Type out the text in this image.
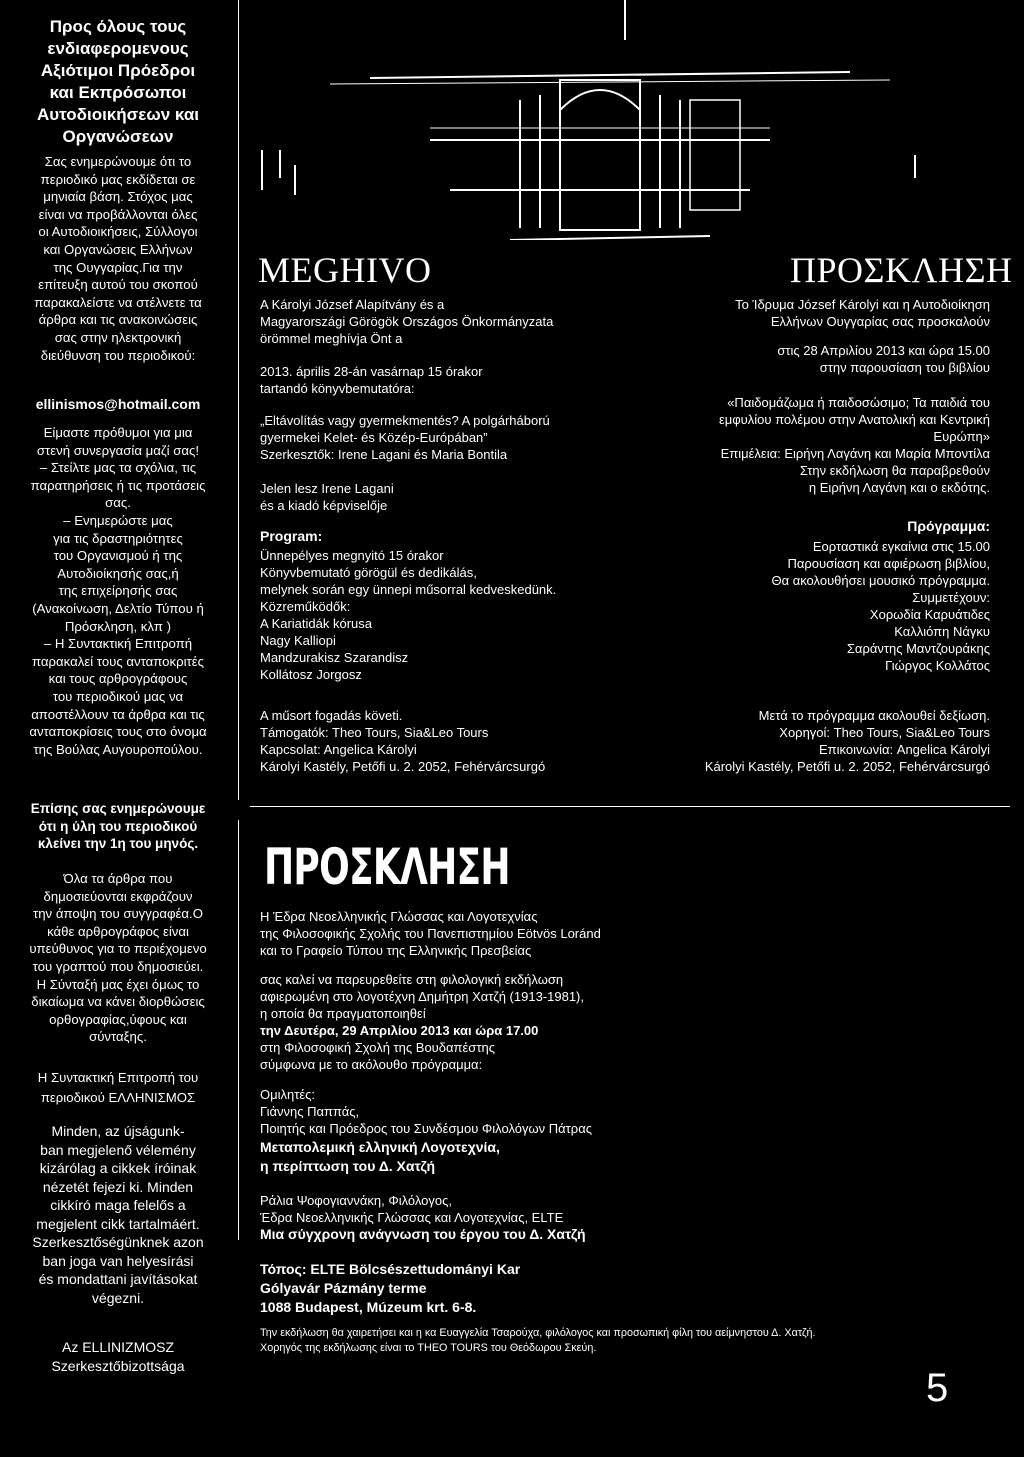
Προς όλους τους
ενδιαφερομενους
Αξιότιμοι Πρόεδροι
και Εκπρόσωποι
Αυτοδιοικήσεων και
Οργανώσεων
Σας ενημερώνουμε ότι το
περιοδικό μας εκδίδεται σε
μηνιαία βάση. Στόχος μας
είναι να προβάλλονται όλες
οι Αυτοδιοικήσεις, Σύλλογοι
και Οργανώσεις Ελλήνων
της Ουγγαρίας.Για την
επίτευξη αυτού του σκοπού
παρακαλείστε να στέλνετε τα
άρθρα και τις ανακοινώσεις
σας στην ηλεκτρονική
διεύθυνση του περιοδικού:
ellinismos@hotmail.com
Είμαστε πρόθυμοι για μια
στενή συνεργασία μαζί σας!
– Στείλτε μας τα σχόλια, τις
παρατηρήσεις ή τις προτάσεις
σας.
– Ενημερώστε μας
για τις δραστηριότητες
του Οργανισμού ή της
Αυτοδιοίκησής σας,ή
της επιχείρησής σας
(Ανακοίνωση, Δελτίο Τύπου ή
Πρόσκληση, κλπ )
– Η Συντακτική Επιτροπή
παρακαλεί τους ανταποκριτές
και τους αρθρογράφους
του περιοδικού μας να
αποστέλλουν τα άρθρα και τις
ανταποκρίσεις τους στο όνομα
της Βούλας Αυγουροπούλου.
Επίσης σας ενημερώνουμε
ότι η ύλη του περιοδικού
κλείνει την 1η του μηνός.
Όλα τα άρθρα που
δημοσιεύονται εκφράζουν
την άποψη του συγγραφέα.Ο
κάθε αρθρογράφος είναι
υπεύθυνος για το περιέχομενο
του γραπτού που δημοσιεύει.
Η Σύνταξή μας έχει όμως το
δικαίωμα να κάνει διορθώσεις
ορθογραφίας,ύφους και
σύνταξης.
Η Συντακτική Επιτροπή του
περιοδικού ΕΛΛΗΝΙΣΜΟΣ
Minden, az újságunk-
ban megjelenő vélemény
kizárólag a cikkek íróinak
nézetét fejezi ki. Minden
cikkíró maga felelős a
megjelent cikk tartalmáért.
Szerkesztőségünknek azon
ban joga van helyesírási
és mondattani javításokat
végezni.
Az ELLINIZMOSZ
Szerkesztőbizottsága
MEGHIVO
A Károlyi József Alapítvány és a
Magyarországi Görögök Országos Önkormányzata
örömmel meghívja Önt a
2013. április 28-án vasárnap 15 órakor
tartandó könyvbemutatóra:
„Eltávolítás vagy gyermekmentés? A polgárháború
gyermekei Kelet- és Közép-Európában”
Szerkesztők: Irene Lagani és Maria Bontila
Jelen lesz Irene Lagani
és a kiadó képviselője
Program:
Ünnepélyes megnyitó 15 órakor
Könyvbemutató görögül és dedikálás,
melynek során egy ünnepi műsorral kedveskedünk.
Közreműködők:
A Kariatidák kórusa
Nagy Kalliopi
Mandzurakisz Szarandisz
Kollátosz Jorgosz
A műsort fogadás követi.
Támogatók: Theo Tours, Sia&Leo Tours
Kapcsolat: Angelica Károlyi
Károlyi Kastély, Petőfi u. 2. 2052, Fehérvárcsurgó
ΠΡΟΣΚΛΗΣΗ
Το Ίδρυμα József Károlyi και η Αυτοδιοίκηση
Ελλήνων Ουγγαρίας σας προσκαλούν
στις 28 Απριλίου 2013 και ώρα 15.00
στην παρουσίαση του βιβλίου
«Παιδομάζωμα ή παιδοσώσιμο; Τα παιδιά του
εμφυλίου πολέμου στην Ανατολική και Κεντρική
Ευρώπη»
Επιμέλεια: Ειρήνη Λαγάνη και Μαρία Μποντίλα
Στην εκδήλωση θα παραβρεθούν
η Ειρήνη Λαγάνη και ο εκδότης.
Πρόγραμμα:
Εορταστικά εγκαίνια στις 15.00
Παρουσίαση και αφιέρωση βιβλίου,
Θα ακολουθήσει μουσικό πρόγραμμα.
Συμμετέχουν:
Χορωδία Καρυάτιδες
Καλλιόπη Νάγκυ
Σαράντης Μαντζουράκης
Γιώργος Κολλάτος
Μετά το πρόγραμμα ακολουθεί δεξίωση.
Χορηγοί: Theo Tours, Sia&Leo Tours
Επικοινωνία: Angelica Károlyi
Károlyi Kastély, Petőfi u. 2. 2052, Fehérvárcsurgó
ΠΡΟΣΚΛΗΣΗ
Η Έδρα Νεοελληνικής Γλώσσας και Λογοτεχνίας
της Φιλοσοφικής Σχολής του Πανεπιστημίου Eötvös Loránd
και το Γραφείο Τύπου της Ελληνικής Πρεσβείας
σας καλεί να παρευρεθείτε στη φιλολογική εκδήλωση
αφιερωμένη στο λογοτέχνη Δημήτρη Χατζή (1913-1981),
η οποία θα πραγματοποιηθεί
την Δευτέρα, 29 Απριλίου 2013 και ώρα 17.00
στη Φιλοσοφική Σχολή της Βουδαπέστης
σύμφωνα με το ακόλουθο πρόγραμμα:
Ομιλητές:
Γιάννης Παππάς,
Ποιητής και Πρόεδρος του Συνδέσμου Φιλολόγων Πάτρας
Μεταπολεμική ελληνική Λογοτεχνία,
η περίπτωση του Δ. Χατζή
Ράλια Ψοφογιαννάκη, Φιλόλογος,
Έδρα Νεοελληνικής Γλώσσας και Λογοτεχνίας, ELTE
Μια σύγχρονη ανάγνωση του έργου του Δ. Χατζή
Τόπος: ELTE Bölcsészettudományi Kar
Gólyavár Pázmány terme
1088 Budapest, Múzeum krt. 6-8.
Την εκδήλωση θα χαιρετήσει και η κα Ευαγγελία Τσαρούχα, φιλόλογος και προσωπική φίλη του αείμνηστου Δ. Χατζή.
Χορηγός της εκδήλωσης είναι το THEO TOURS του Θεόδωρου Σκεύη.
5
